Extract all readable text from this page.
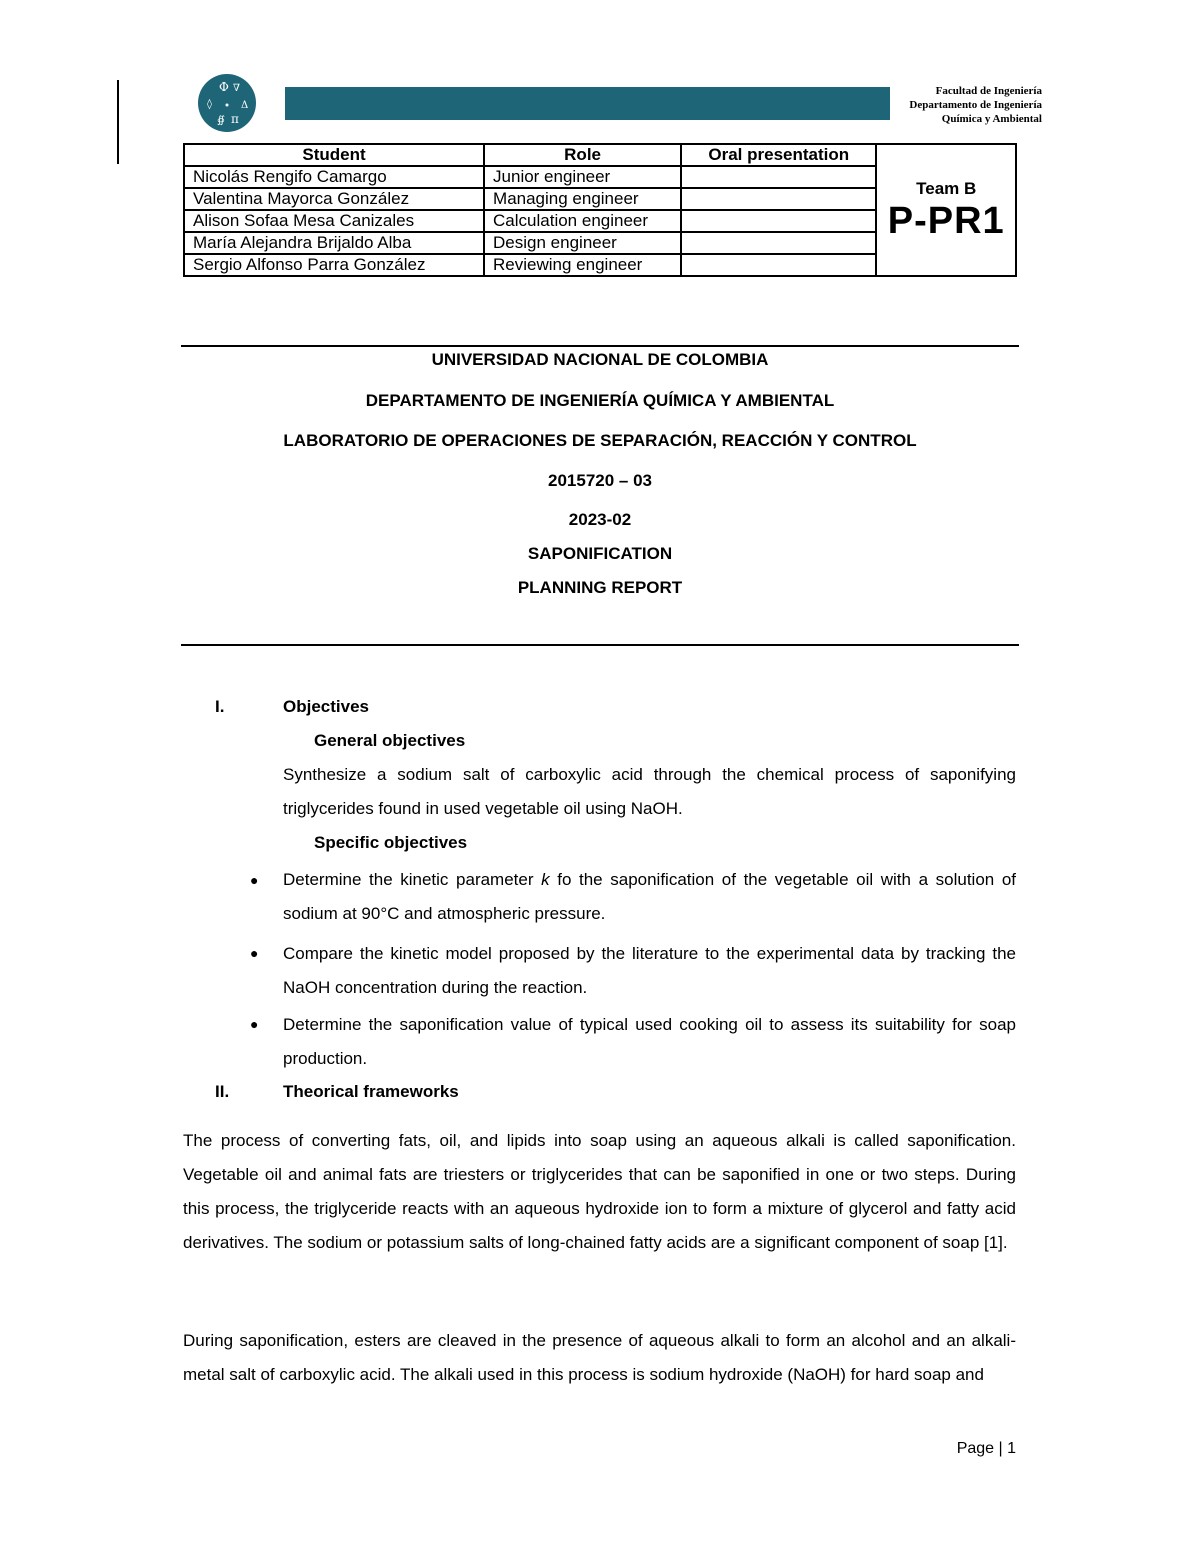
Φ ∇
◊	Δ
∯ π
Facultad de Ingeniería
Departamento de Ingeniería
Química y Ambiental
Student	Role	Oral presentation	Team B
P-PR1

Nicolás Rengifo Camargo	Junior engineer		
Valentina Mayorca González	Managing engineer		
Alison Sofaa Mesa Canizales	Calculation engineer		
María Alejandra Brijaldo Alba	Design engineer		
Sergio Alfonso Parra González	Reviewing engineer		
UNIVERSIDAD NACIONAL DE COLOMBIA
DEPARTAMENTO DE INGENIERÍA QUÍMICA Y AMBIENTAL
LABORATORIO DE OPERACIONES DE SEPARACIÓN, REACCIÓN Y CONTROL
2015720 – 03
2023-02
SAPONIFICATION
PLANNING REPORT
I.	Objectives
General objectives
Synthesize a sodium salt of carboxylic acid through the chemical process of saponifying triglycerides found in used vegetable oil using NaOH.
Specific objectives
● Determine the kinetic parameter k fo the saponification of the vegetable oil with a solution of sodium at 90°C and atmospheric pressure.
● Compare the kinetic model proposed by the literature to the experimental data by tracking the NaOH concentration during the reaction.
● Determine the saponification value of typical used cooking oil to assess its suitability for soap production.
II.	Theorical frameworks
The process of converting fats, oil, and lipids into soap using an aqueous alkali is called saponification. Vegetable oil and animal fats are triesters or triglycerides that can be saponified in one or two steps. During this process, the triglyceride reacts with an aqueous hydroxide ion to form a mixture of glycerol and fatty acid derivatives. The sodium or potassium salts of long-chained fatty acids are a significant component of soap [1].
During saponification, esters are cleaved in the presence of aqueous alkali to form an alcohol and an alkali-metal salt of carboxylic acid. The alkali used in this process is sodium hydroxide (NaOH) for hard soap and
Page | 1
